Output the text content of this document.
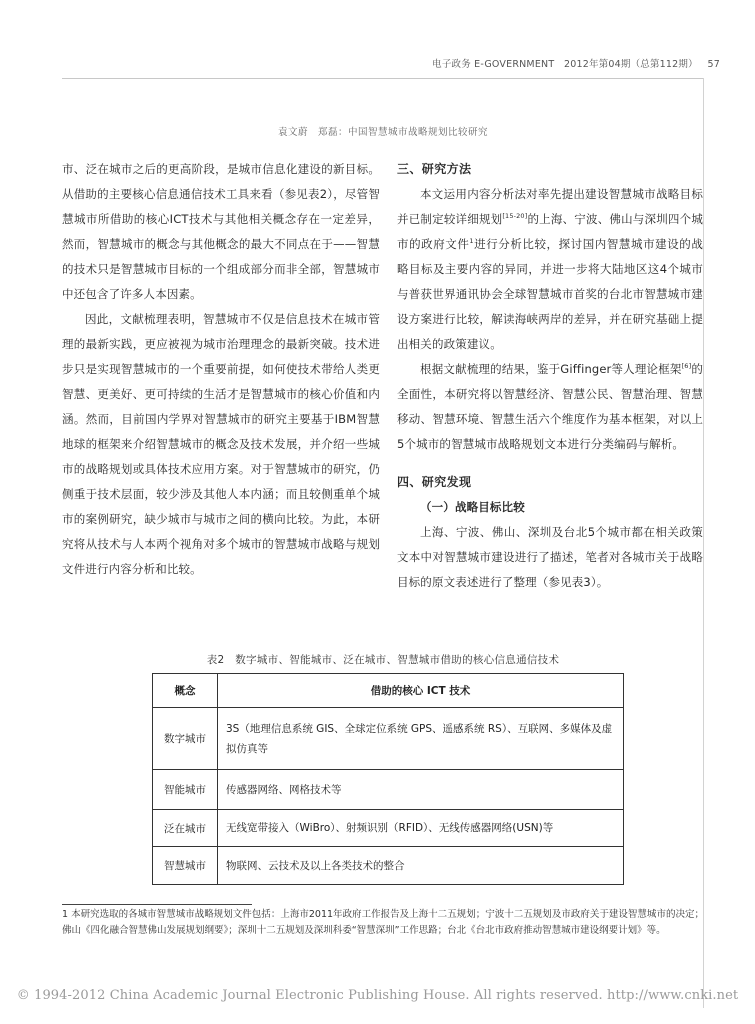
电子政务 E-GOVERNMENT 2012年第04期（总第112期） 57
袁文蔚　郑磊：中国智慧城市战略规划比较研究

市、泛在城市之后的更高阶段，是城市信息化建设的新目标。从借助的主要核心信息通信技术工具来看（参见表2），尽管智慧城市所借助的核心ICT技术与其他相关概念存在一定差异，然而，智慧城市的概念与其他概念的最大不同点在于——智慧的技术只是智慧城市目标的一个组成部分而非全部，智慧城市中还包含了许多人本因素。

因此，文献梳理表明，智慧城市不仅是信息技术在城市管理的最新实践，更应被视为城市治理理念的最新突破。技术进步只是实现智慧城市的一个重要前提，如何使技术带给人类更智慧、更美好、更可持续的生活才是智慧城市的核心价值和内涵。然而，目前国内学界对智慧城市的研究主要基于IBM智慧地球的框架来介绍智慧城市的概念及技术发展，并介绍一些城市的战略规划或具体技术应用方案。对于智慧城市的研究，仍侧重于技术层面，较少涉及其他人本内涵；而且较侧重单个城市的案例研究，缺少城市与城市之间的横向比较。为此，本研究将从技术与人本两个视角对多个城市的智慧城市战略与规划文件进行内容分析和比较。

三、研究方法

本文运用内容分析法对率先提出建设智慧城市战略目标并已制定较详细规划[15-20]的上海、宁波、佛山与深圳四个城市的政府文件$^1$进行分析比较，探讨国内智慧城市建设的战略目标及主要内容的异同，并进一步将大陆地区这4个城市与普获世界通讯协会全球智慧城市首奖的台北市智慧城市建设方案进行比较，解读海峡两岸的差异，并在研究基础上提出相关的政策建议。

根据文献梳理的结果，鉴于Giffinger等人理论框架[6]的全面性，本研究将以智慧经济、智慧公民、智慧治理、智慧移动、智慧环境、智慧生活六个维度作为基本框架，对以上5个城市的智慧城市战略规划文本进行分类编码与解析。

四、研究发现
（一）战略目标比较

上海、宁波、佛山、深圳及台北5个城市都在相关政策文本中对智慧城市建设进行了描述，笔者对各城市关于战略目标的原文表述进行了整理（参见表3）。

表2　数字城市、智能城市、泛在城市、智慧城市借助的核心信息通信技术
概念	借助的核心 ICT 技术
数字城市	3S（地理信息系统 GIS、全球定位系统 GPS、遥感系统 RS）、互联网、多媒体及虚拟仿真等
智能城市	传感器网络、网格技术等
泛在城市	无线宽带接入（WiBro）、射频识别（RFID）、无线传感器网络(USN)等
智慧城市	物联网、云技术及以上各类技术的整合
1 本研究选取的各城市智慧城市战略规划文件包括：上海市2011年政府工作报告及上海十二五规划；宁波十二五规划及市政府关于建设智慧城市的决定；佛山《四化融合智慧佛山发展规划纲要》；深圳十二五规划及深圳科委“智慧深圳”工作思路；台北《台北市政府推动智慧城市建设纲要计划》等。
© 1994-2012 China Academic Journal Electronic Publishing House. All rights reserved. http://www.cnki.net
